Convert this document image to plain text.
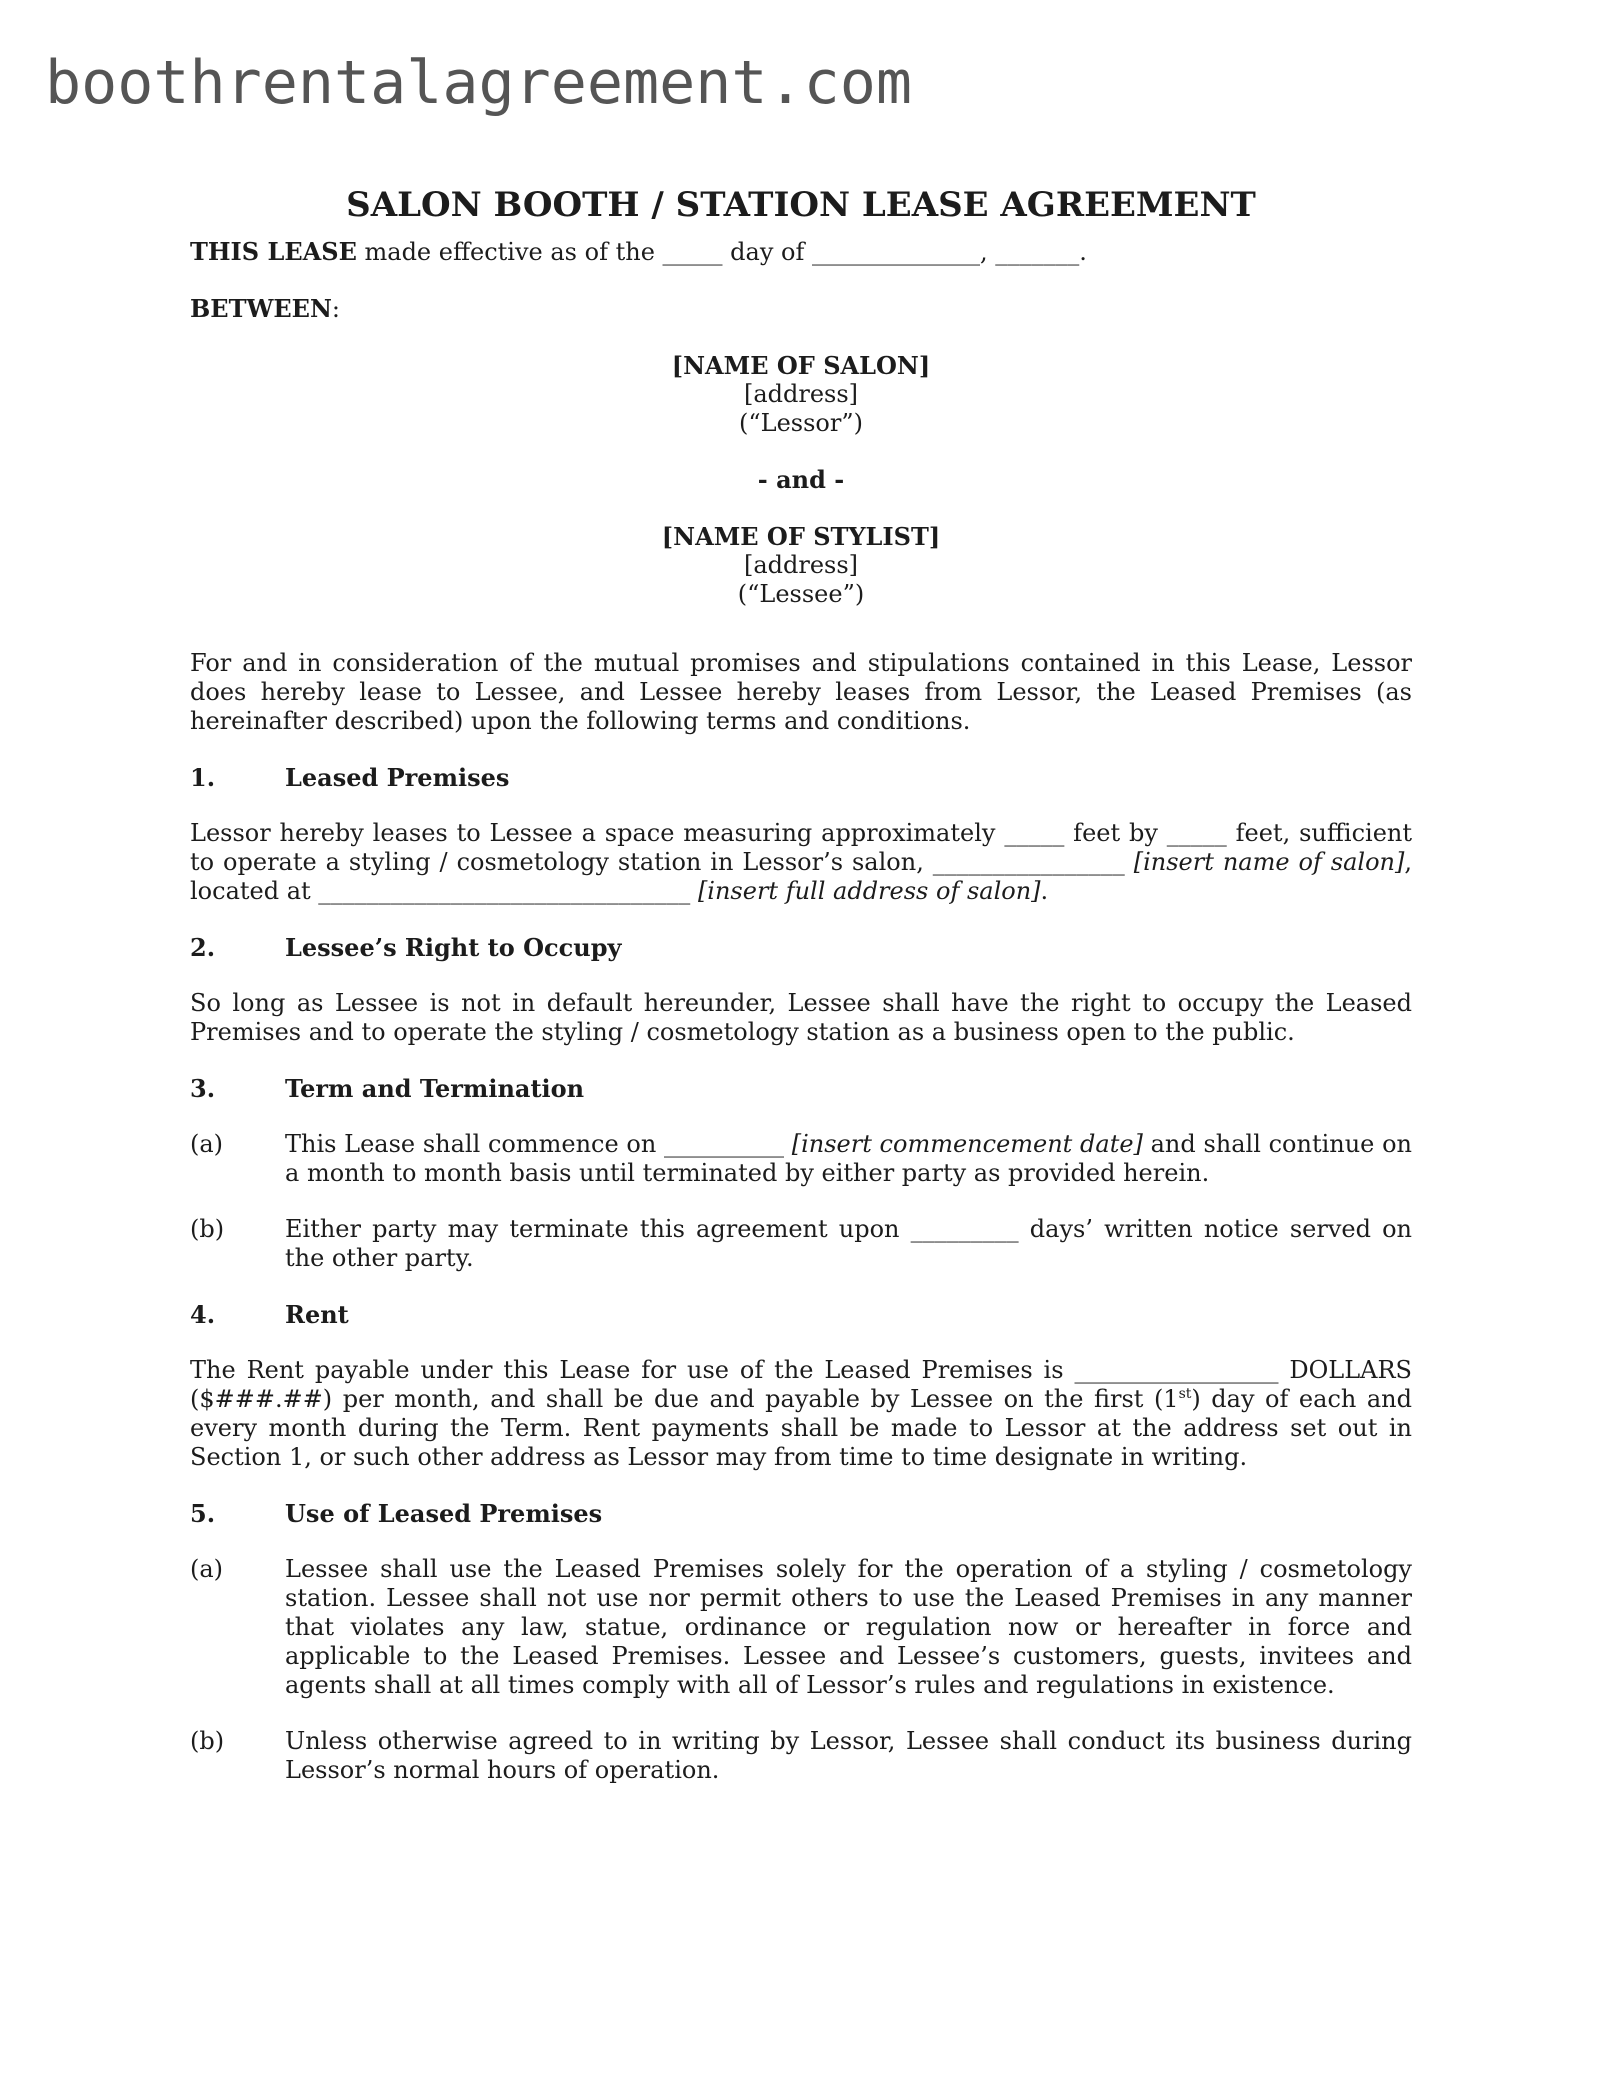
boothrentalagreement.com
SALON BOOTH / STATION LEASE AGREEMENT

THIS LEASE made effective as of the _____ day of ______________, _______.

BETWEEN:

[NAME OF SALON]
[address]
(“Lessor”)
- and -
[NAME OF STYLIST]
[address]
(“Lessee”)

For and in consideration of the mutual promises and stipulations contained in this Lease, Lessor does hereby lease to Lessee, and Lessee hereby leases from Lessor, the Leased Premises (as hereinafter described) upon the following terms and conditions.

1.	Leased Premises

Lessor hereby leases to Lessee a space measuring approximately _____ feet by _____ feet, sufficient to operate a styling / cosmetology station in Lessor’s salon, ________________ [insert name of salon], located at _______________________________ [insert full address of salon].

2.	Lessee’s Right to Occupy

So long as Lessee is not in default hereunder, Lessee shall have the right to occupy the Leased Premises and to operate the styling / cosmetology station as a business open to the public.

3.	Term and Termination
(a)	This Lease shall commence on __________ [insert commencement date] and shall continue on a month to month basis until terminated by either party as provided herein.
(b)	Either party may terminate this agreement upon _________ days’ written notice served on the other party.
4.	Rent

The Rent payable under this Lease for use of the Leased Premises is _________________ DOLLARS ($###.##) per month, and shall be due and payable by Lessee on the first (1st) day of each and every month during the Term. Rent payments shall be made to Lessor at the address set out in Section 1, or such other address as Lessor may from time to time designate in writing.

5.	Use of Leased Premises
(a)	Lessee shall use the Leased Premises solely for the operation of a styling / cosmetology station. Lessee shall not use nor permit others to use the Leased Premises in any manner that violates any law, statue, ordinance or regulation now or hereafter in force and applicable to the Leased Premises. Lessee and Lessee’s customers, guests, invitees and agents shall at all times comply with all of Lessor’s rules and regulations in existence.
(b)	Unless otherwise agreed to in writing by Lessor, Lessee shall conduct its business during Lessor’s normal hours of operation.
